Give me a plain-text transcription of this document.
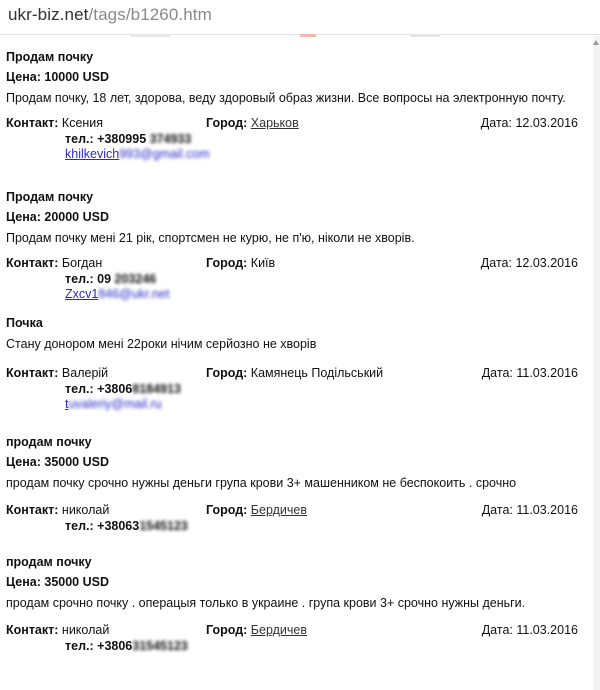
ukr-biz.net/tags/b1260.htm
Продам почку
Цена: 10000 USD
Продам почку, 18 лет, здорова, веду здоровый образ жизни. Все вопросы на электронную почту.
Контакт: Ксения	Город: Харьков	Дата: 12.03.2016
тел.: +380995 374933
khilkevich993@gmail.com
Продам почку
Цена: 20000 USD
Продам почку мені 21 рік, спортсмен не курю, не п'ю, ніколи не хворів.
Контакт: Богдан	Город: Київ	Дата: 12.03.2016
тел.: 09 203246
Zxcv1846@ukr.net
Почка
Стану донором мені 22роки нічим серйозно не хворів
Контакт: Валерій	Город: Камянець Подільський	Дата: 11.03.2016
тел.: +38068184913
tuvaleriy@mail.ru
продам почку
Цена: 35000 USD
продам почку срочно нужны деньги група крови 3+ машенником не беспокоить . срочно
Контакт: николай	Город: Бердичев	Дата: 11.03.2016
тел.: +380631545123
продам почку
Цена: 35000 USD
продам срочно почку . операцыя только в украине . група крови 3+ срочно нужны деньги.
Контакт: николай	Город: Бердичев	Дата: 11.03.2016
тел.: +380631545123
